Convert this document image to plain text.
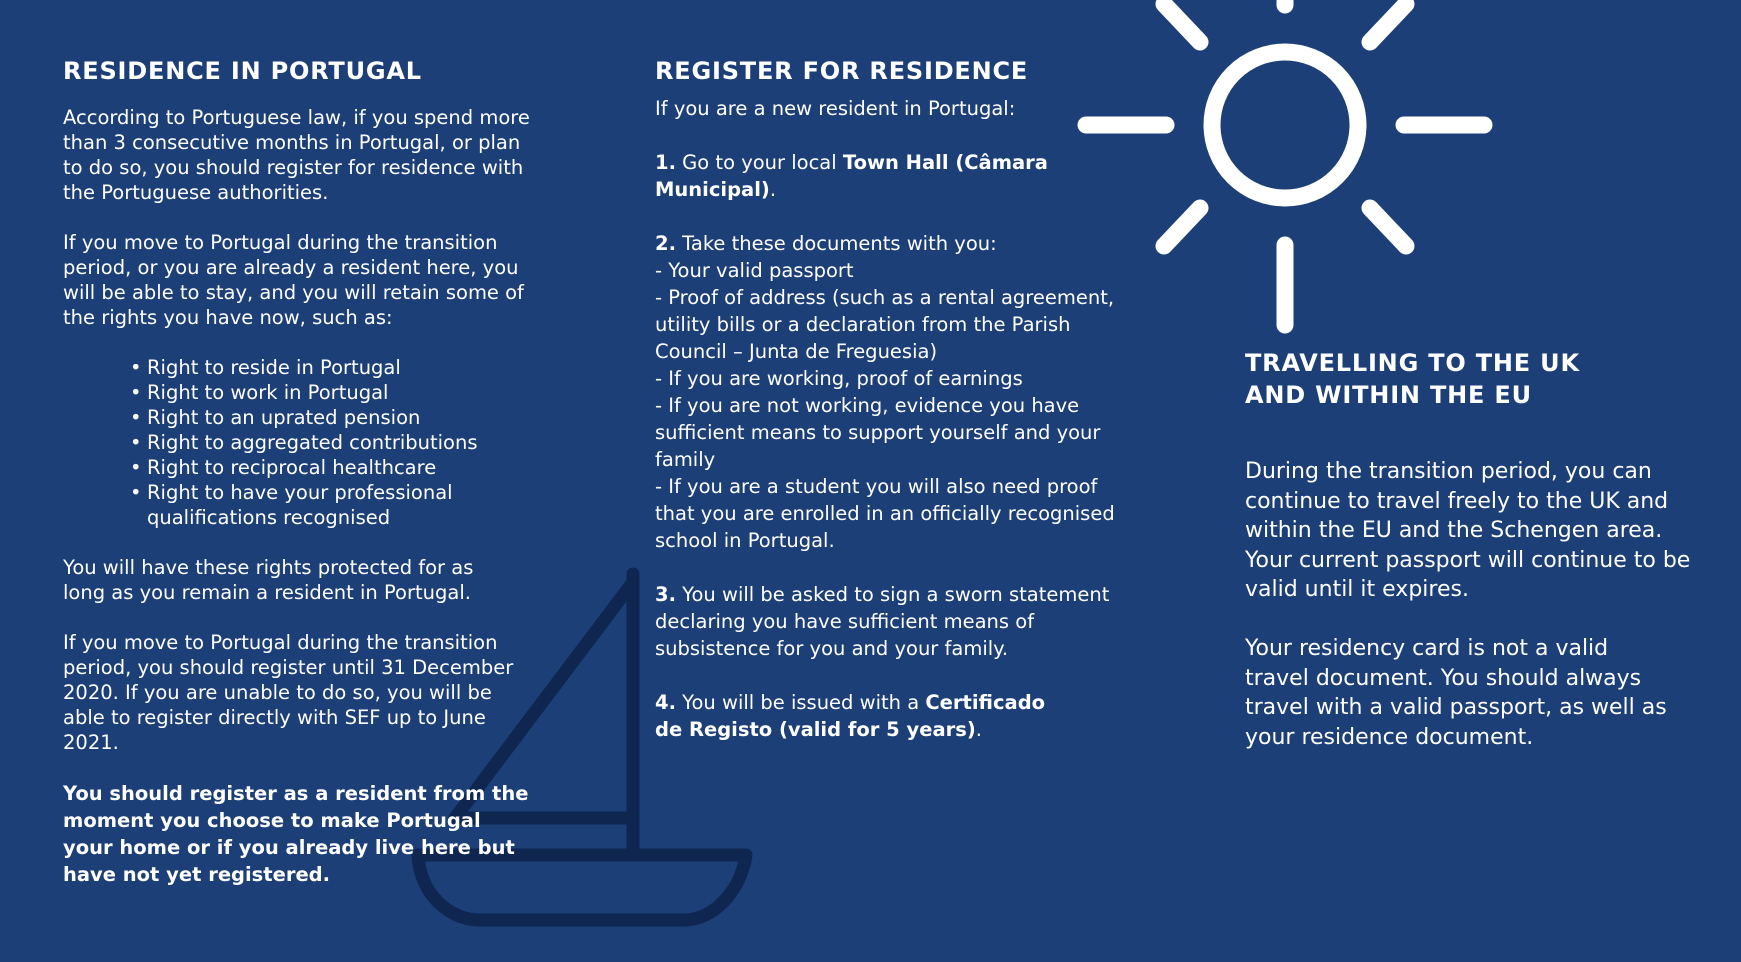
RESIDENCE IN PORTUGAL

According to Portuguese law, if you spend more than 3 consecutive months in Portugal, or plan to do so, you should register for residence with the Portuguese authorities.

If you move to Portugal during the transition period, or you are already a resident here, you will be able to stay, and you will retain some of the rights you have now, such as:

• Right to reside in Portugal
• Right to work in Portugal
• Right to an uprated pension
• Right to aggregated contributions
• Right to reciprocal healthcare
• Right to have your professional qualifications recognised

You will have these rights protected for as long as you remain a resident in Portugal.

If you move to Portugal during the transition period, you should register until 31 December 2020. If you are unable to do so, you will be able to register directly with SEF up to June 2021.

You should register as a resident from the moment you choose to make Portugal your home or if you already live here but have not yet registered.

REGISTER FOR RESIDENCE

If you are a new resident in Portugal:

1. Go to your local Town Hall (Câmara Municipal).

2. Take these documents with you:

- Your valid passport

- Proof of address (such as a rental agreement, utility bills or a declaration from the Parish Council – Junta de Freguesia)

- If you are working, proof of earnings

- If you are not working, evidence you have sufficient means to support yourself and your family

- If you are a student you will also need proof that you are enrolled in an officially recognised school in Portugal.

3. You will be asked to sign a sworn statement declaring you have sufficient means of subsistence for you and your family.

4. You will be issued with a Certificado de Registo (valid for 5 years).

TRAVELLING TO THE UK
AND WITHIN THE EU

During the transition period, you can continue to travel freely to the UK and within the EU and the Schengen area. Your current passport will continue to be valid until it expires.

Your residency card is not a valid travel document. You should always travel with a valid passport, as well as your residence document.
